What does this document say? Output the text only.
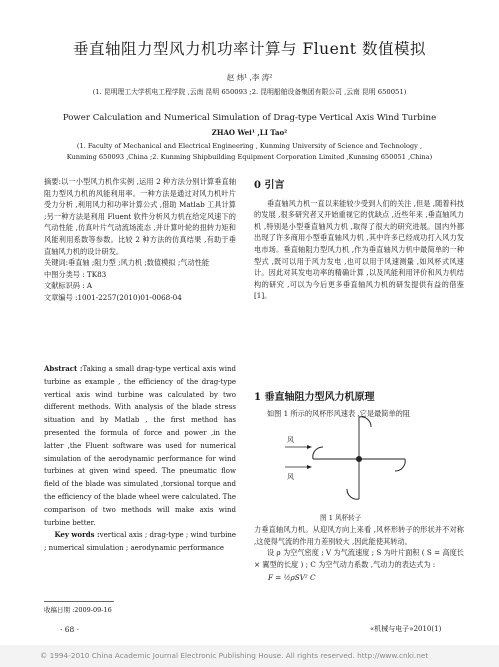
垂直轴阻力型风力机功率计算与 Fluent 数值模拟
赵 炜¹ ,李 涛²
(1. 昆明理工大学机电工程学院 ,云南 昆明 650093 ;2. 昆明船舶设备集团有限公司 ,云南 昆明 650051)
Power Calculation and Numerical Simulation of Drag-type Vertical Axis Wind Turbine
ZHAO Wei¹ ,LI Tao²
(1. Faculty of Mechanical and Electrical Engineering , Kunming University of Science and Technology ,
Kunming 650093 ,China ;2. Kunming Shipbuilding Equipment Corporation Limited ,Kunming 650051 ,China)

摘要:以一小型风力机作实例 ,运用 2 种方法分别计算垂直轴阻力型风力机的风能利用率。一种方法是通过对风力机叶片受力分析 ,利用风力和功率计算公式 ,借助 Matlab 工具计算 ;另一种方法是利用 Fluent 软件分析风力机在给定风速下的气动性能 ,仿真叶片气动流场流态 ,并计算叶轮的扭转力矩和风能利用系数等参数。比较 2 种方法的仿真结果 ,有助于垂直轴风力机的设计研发。

关键词:垂直轴 ;阻力型 ;风力机 ;数值模拟 ;气动性能

中图分类号 : TK83
文献标识码 : A
文章编号 :1001-2257(2010)01-0068-04

Abstract :Taking a small drag-type vertical axis wind turbine as example , the efficiency of the drag-type vertical axis wind turbine was calculated by two different methods. With analysis of the blade stress situation and by Matlab , the first method has presented the formula of force and power ,in the latter ,the Fluent software was used for numerical simulation of the aerodynamic performance for wind turbines at given wind speed. The pneumatic flow field of the blade was simulated ,torsional torque and the efficiency of the blade wheel were calculated. The comparison of two methods will make axis wind turbine better.

Key words :vertical axis ; drag-type ; wind turbine ; numerical simulation ; aerodynamic performance

收稿日期 :2009-09-16
· 68 ·
0 引言

垂直轴风力机一直以来能较少受到人们的关注 ,但是 ,随着科技的发展 ,很多研究者又开始重视它的优缺点 ,近些年来 ,垂直轴风力机 ,特别是小型垂直轴风力机 ,取得了很大的研究进展。国内外都出现了许多商用小型垂直轴风力机 ,其中许多已经成功打入风力发电市场。垂直轴阻力型风力机 ,作为垂直轴风力机中最简单的一种型式 ,既可以用于风力发电 ,也可以用于风速测量 ,如风杯式风速计。因此对其发电功率的精确计算 ,以及风能利用评价和风力机结构的研究 ,可以为今后更多垂直轴风力机的研发提供有益的借鉴[1]。

1 垂直轴阻力型风力机原理

如图 1 所示的风杯形风速表 ,它是最简单的阻

风
风
图 1 风杯转子

力垂直轴风力机。从迎风方向上来看 ,风杯形转子的形状并不对称 ,这使得气流的作用力差别较大 ,因此能使其转动。

设 ρ 为空气密度 ; V 为气流速度 ; S 为叶片面积 ( S = 高度长 × 翼型的长度 ) ; C 为空气动力系数 ,气动力的表达式为 :

F = ½ρSV² C
«机械与电子»2010(1)
© 1994-2010 China Academic Journal Electronic Publishing House. All rights reserved. http://www.cnki.net
